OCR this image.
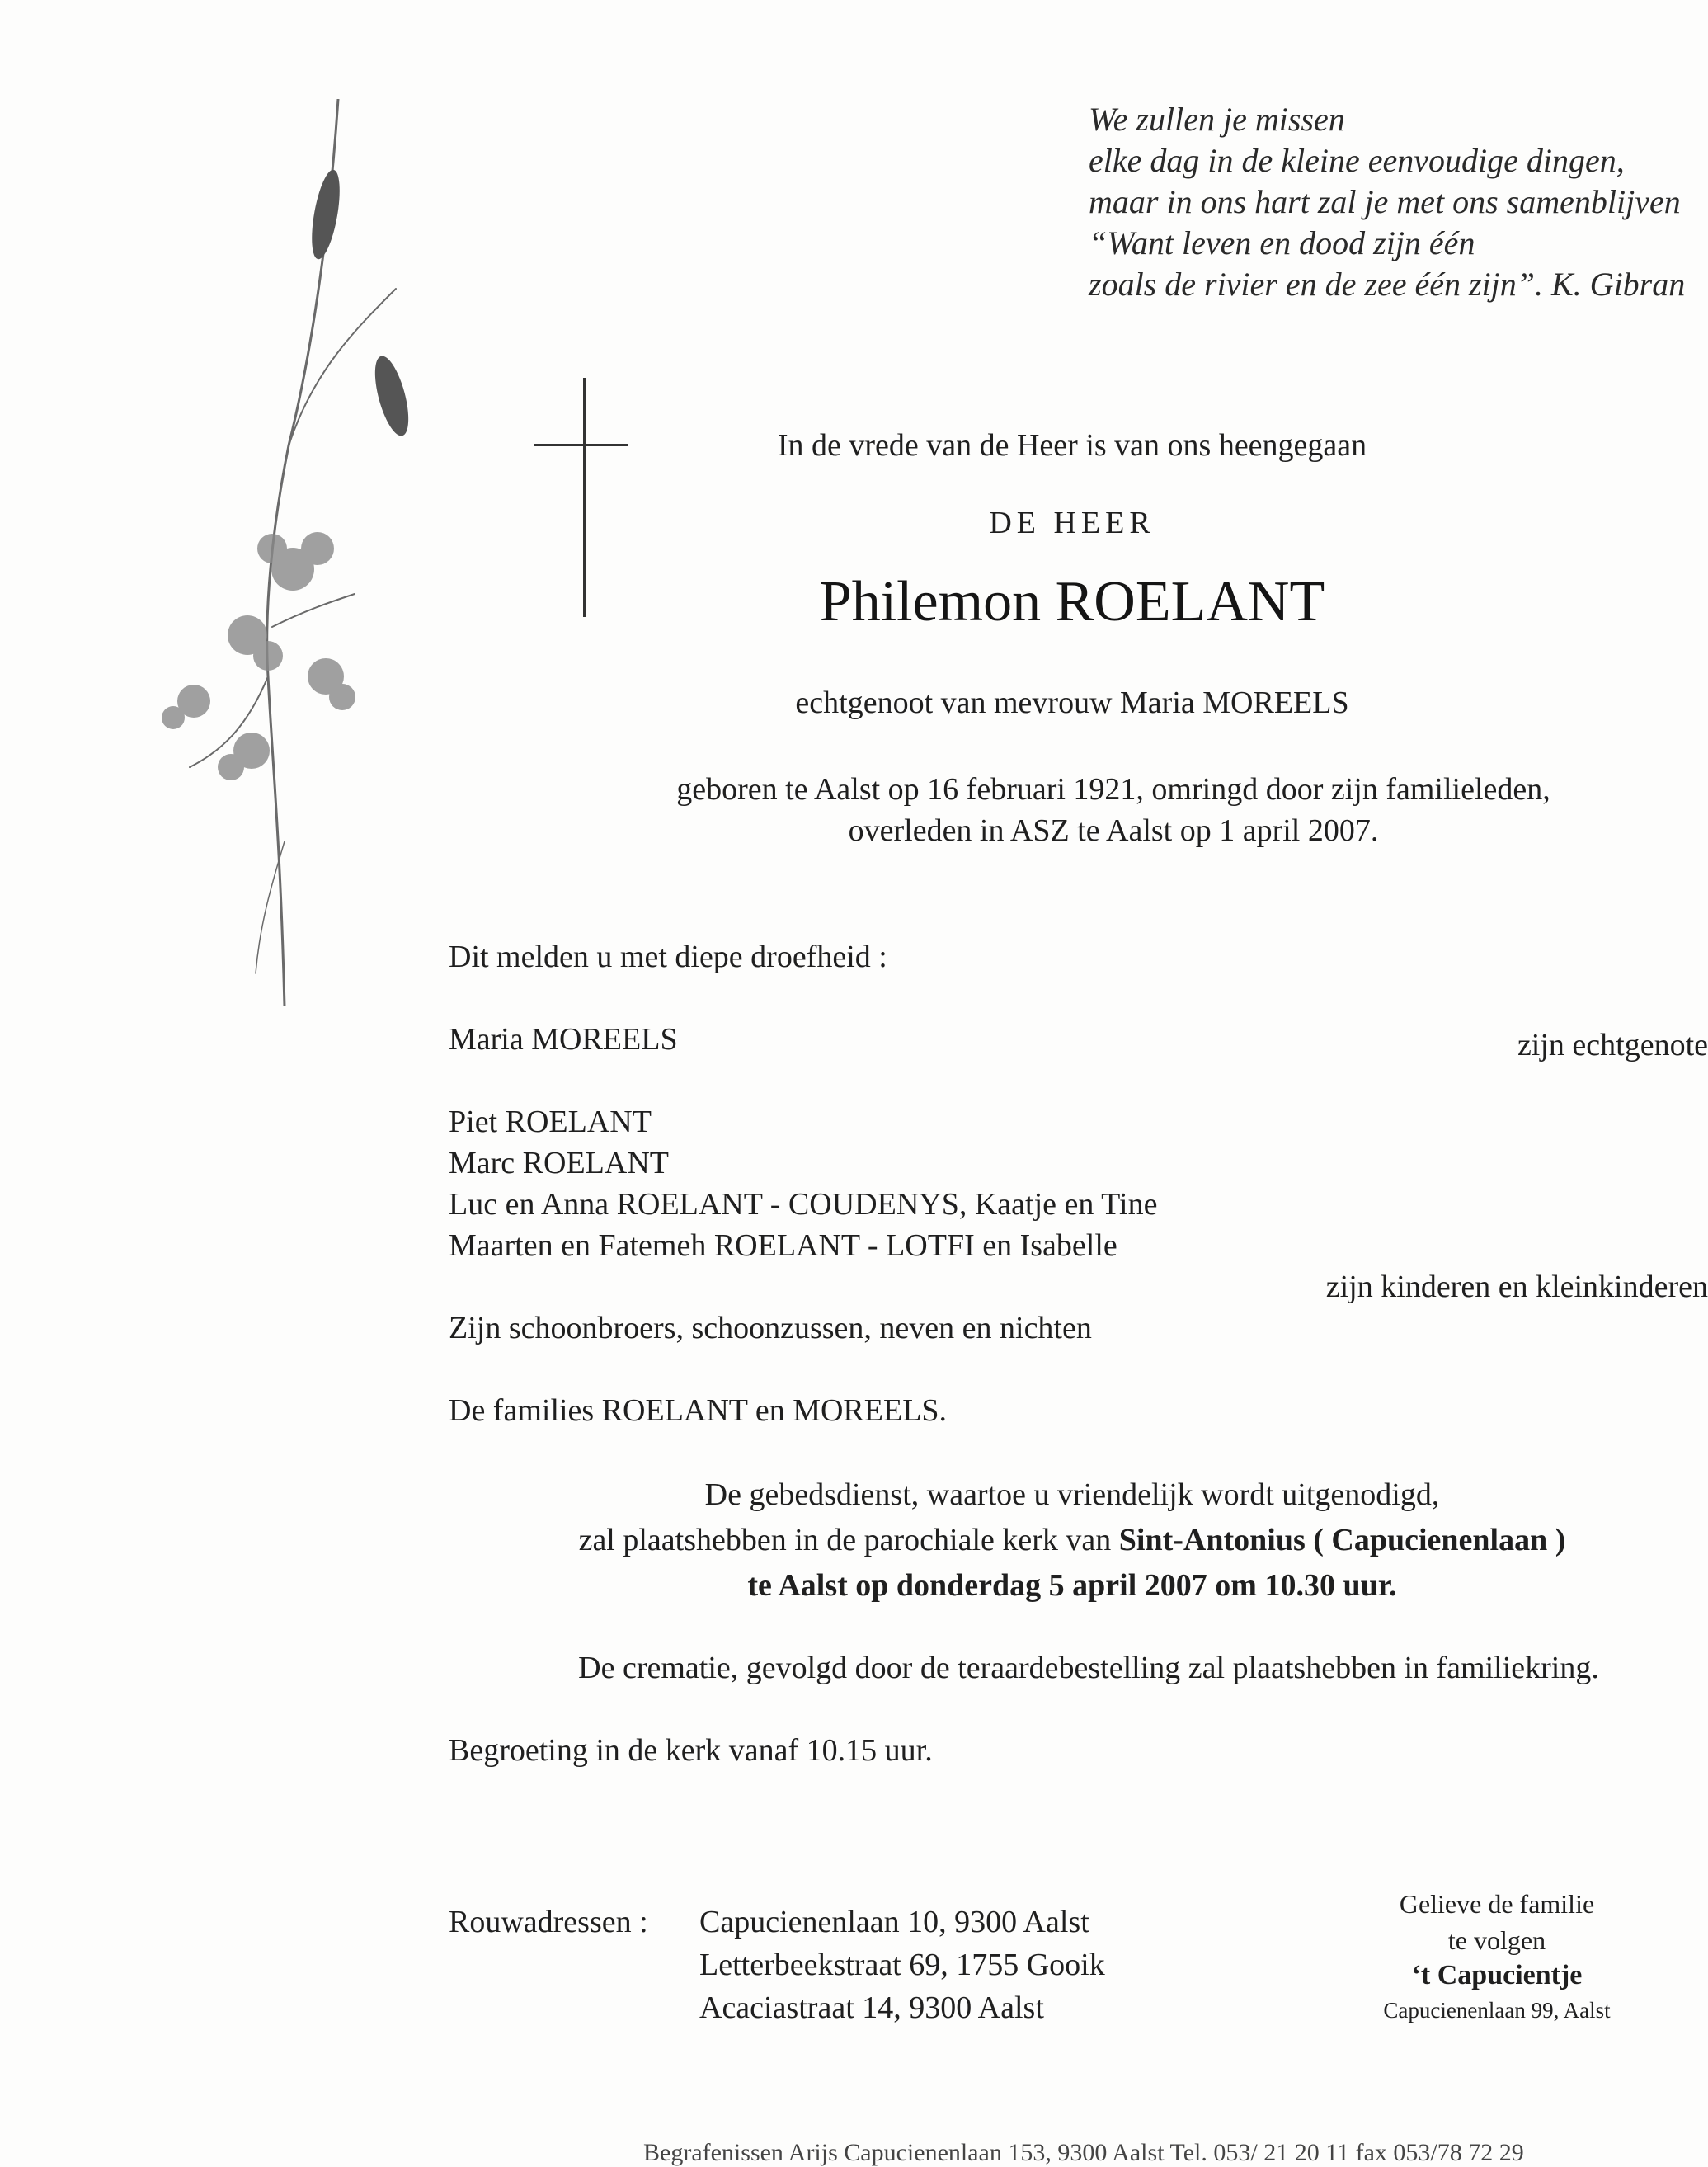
We zullen je missen
elke dag in de kleine eenvoudige dingen,
maar in ons hart zal je met ons samenblijven
“Want leven en dood zijn één
zoals de rivier en de zee één zijn”. K. Gibran
In de vrede van de Heer is van ons heengegaan
DE HEER
Philemon ROELANT
echtgenoot van mevrouw Maria MOREELS
geboren te Aalst op 16 februari 1921, omringd door zijn familieleden,
overleden in ASZ te Aalst op 1 april 2007.
Dit melden u met diepe droefheid :
Maria MOREELS	zijn echtgenote
Piet ROELANT
Marc ROELANT
Luc en Anna ROELANT - COUDENYS, Kaatje en Tine
Maarten en Fatemeh ROELANT - LOTFI en Isabelle
zijn kinderen en kleinkinderen
Zijn schoonbroers, schoonzussen, neven en nichten
De families ROELANT en MOREELS.
De gebedsdienst, waartoe u vriendelijk wordt uitgenodigd,
zal plaatshebben in de parochiale kerk van Sint-Antonius ( Capucienenlaan )
te Aalst op donderdag 5 april 2007 om 10.30 uur.
De crematie, gevolgd door de teraardebestelling zal plaatshebben in familiekring.
Begroeting in de kerk vanaf 10.15 uur.
Rouwadressen : Capucienenlaan 10, 9300 Aalst
Letterbeekstraat 69, 1755 Gooik
Acaciastraat 14, 9300 Aalst
Gelieve de familie
te volgen
‘t Capucientje
Capucienenlaan 99, Aalst
Begrafenissen Arijs Capucienenlaan 153, 9300 Aalst Tel. 053/ 21 20 11 fax 053/78 72 29
